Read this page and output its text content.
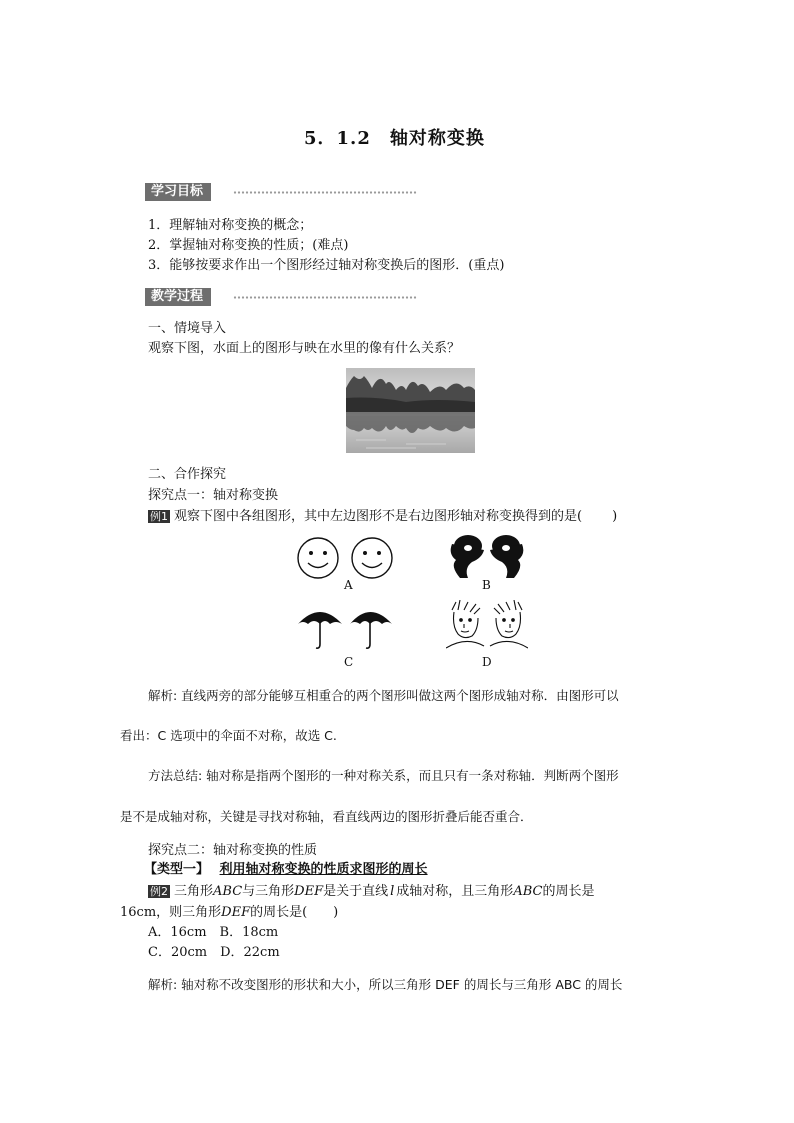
5．1.2　轴对称变换
学习目标
1．理解轴对称变换的概念；
2．掌握轴对称变换的性质；(难点)
3．能够按要求作出一个图形经过轴对称变换后的图形．(重点)
教学过程
一、情境导入
观察下图，水面上的图形与映在水里的像有什么关系？
二、合作探究
探究点一：轴对称变换
例1 观察下图中各组图形，其中左边图形不是右边图形轴对称变换得到的是( )
A	B
C	D
解析: 直线两旁的部分能够互相重合的两个图形叫做这两个图形成轴对称．由图形可以
看出：C 选项中的伞面不对称，故选 C.
方法总结: 轴对称是指两个图形的一种对称关系，而且只有一条对称轴．判断两个图形
是不是成轴对称，关键是寻找对称轴，看直线两边的图形折叠后能否重合．
探究点二：轴对称变换的性质
【类型一】 利用轴对称变换的性质求图形的周长
例2 三角形ABC与三角形DEF是关于直线 l 成轴对称，且三角形ABC的周长是
16cm，则三角形DEF的周长是( )
A．16cm　B．18cm
C．20cm　D．22cm
解析: 轴对称不改变图形的形状和大小，所以三角形 DEF 的周长与三角形 ABC 的周长
